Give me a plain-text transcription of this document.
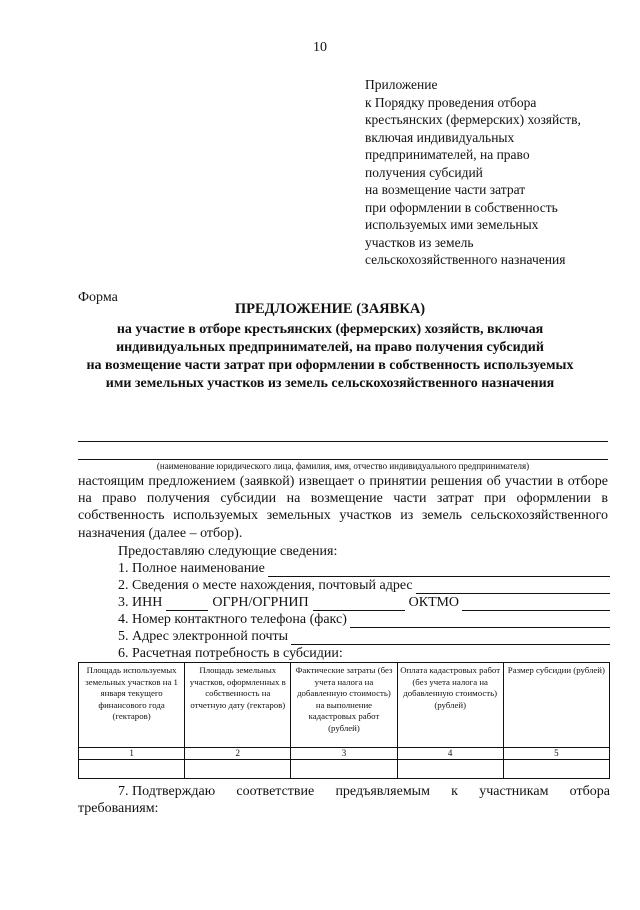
10
Приложение
к Порядку проведения отбора
крестьянских (фермерских) хозяйств,
включая индивидуальных
предпринимателей, на право
получения субсидий
на возмещение части затрат
при оформлении в собственность
используемых ими земельных
участков из земель
сельскохозяйственного назначения
Форма
ПРЕДЛОЖЕНИЕ (ЗАЯВКА)
на участие в отборе крестьянских (фермерских) хозяйств, включая
индивидуальных предпринимателей, на право получения субсидий
на возмещение части затрат при оформлении в собственность используемых
ими земельных участков из земель сельскохозяйственного назначения
(наименование юридического лица, фамилия, имя, отчество индивидуального предпринимателя)
настоящим предложением (заявкой) извещает о принятии решения об участии в отборе на право получения субсидии на возмещение части затрат при оформлении в собственность используемых земельных участков из земель сельскохозяйственного назначения (далее – отбор).
Предоставляю следующие сведения:
1. Полное наименование
2. Сведения о месте нахождения, почтовый адрес
3. ИНН	ОГРН/ОГРНИП	ОКТМО
4. Номер контактного телефона (факс)
5. Адрес электронной почты
6. Расчетная потребность в субсидии:
Площадь используемых земельных участков на 1 января текущего финансового года (гектаров)	Площадь земельных участков, оформленных в собственность на отчетную дату (гектаров)	Фактические затраты (без учета налога на добавленную стоимость) на выполнение кадастровых работ (рублей)	Оплата кадастровых работ (без учета налога на добавленную стоимость) (рублей)	Размер субсидии (рублей)
1	2	3	4	5

7. Подтверждаю соответствие предъявляемым к участникам отбора
требованиям:
